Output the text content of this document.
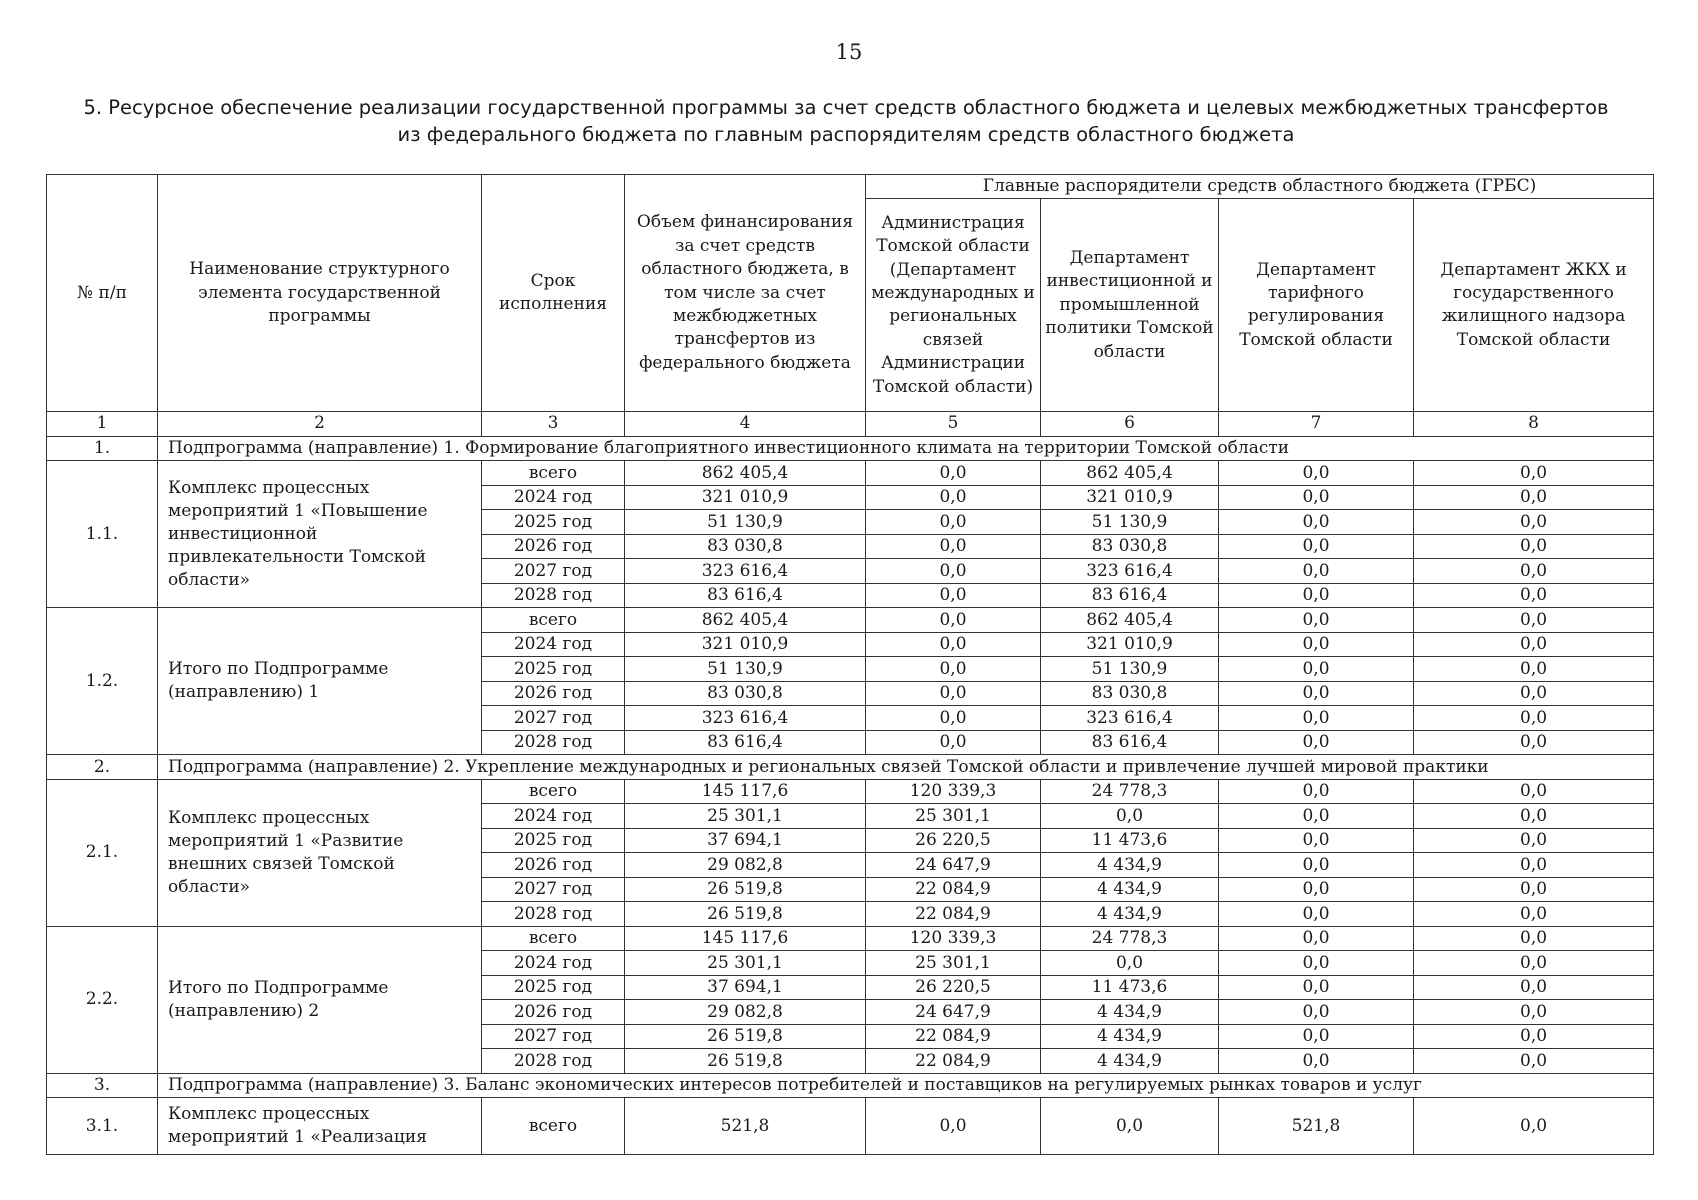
15
5. Ресурсное обеспечение реализации государственной программы за счет средств областного бюджета и целевых межбюджетных трансфертов
из федерального бюджета по главным распорядителям средств областного бюджета
№ п/п	Наименование структурного элемента государственной программы	Срок исполнения	Объем финансирования за счет средств областного бюджета, в том числе за счет межбюджетных трансфертов из федерального бюджета	Главные распорядители средств областного бюджета (ГРБС)			
				Администрация Томской области (Департамент международных и региональных связей Администрации Томской области)	Департамент инвестиционной и промышленной политики Томской области	Департамент тарифного регулирования Томской области	Департамент ЖКХ и государственного жилищного надзора Томской области
1	2	3	4	5	6	7	8
1.	Подпрограмма (направление) 1. Формирование благоприятного инвестиционного климата на территории Томской области						
1.1.	Комплекс процессных мероприятий 1 «Повышение инвестиционной привлекательности Томской области»	всего	862 405,4	0,0	862 405,4	0,0	0,0
		2024 год	321 010,9	0,0	321 010,9	0,0	0,0
		2025 год	51 130,9	0,0	51 130,9	0,0	0,0
		2026 год	83 030,8	0,0	83 030,8	0,0	0,0
		2027 год	323 616,4	0,0	323 616,4	0,0	0,0
		2028 год	83 616,4	0,0	83 616,4	0,0	0,0
1.2.	Итого по Подпрограмме (направлению) 1	всего	862 405,4	0,0	862 405,4	0,0	0,0
		2024 год	321 010,9	0,0	321 010,9	0,0	0,0
		2025 год	51 130,9	0,0	51 130,9	0,0	0,0
		2026 год	83 030,8	0,0	83 030,8	0,0	0,0
		2027 год	323 616,4	0,0	323 616,4	0,0	0,0
		2028 год	83 616,4	0,0	83 616,4	0,0	0,0
2.	Подпрограмма (направление) 2. Укрепление международных и региональных связей Томской области и привлечение лучшей мировой практики						
2.1.	Комплекс процессных мероприятий 1 «Развитие внешних связей Томской области»	всего	145 117,6	120 339,3	24 778,3	0,0	0,0
		2024 год	25 301,1	25 301,1	0,0	0,0	0,0
		2025 год	37 694,1	26 220,5	11 473,6	0,0	0,0
		2026 год	29 082,8	24 647,9	4 434,9	0,0	0,0
		2027 год	26 519,8	22 084,9	4 434,9	0,0	0,0
		2028 год	26 519,8	22 084,9	4 434,9	0,0	0,0
2.2.	Итого по Подпрограмме (направлению) 2	всего	145 117,6	120 339,3	24 778,3	0,0	0,0
		2024 год	25 301,1	25 301,1	0,0	0,0	0,0
		2025 год	37 694,1	26 220,5	11 473,6	0,0	0,0
		2026 год	29 082,8	24 647,9	4 434,9	0,0	0,0
		2027 год	26 519,8	22 084,9	4 434,9	0,0	0,0
		2028 год	26 519,8	22 084,9	4 434,9	0,0	0,0
3.	Подпрограмма (направление) 3. Баланс экономических интересов потребителей и поставщиков на регулируемых рынках товаров и услуг						
3.1.	Комплекс процессных мероприятий 1 «Реализация	всего	521,8	0,0	0,0	521,8	0,0
